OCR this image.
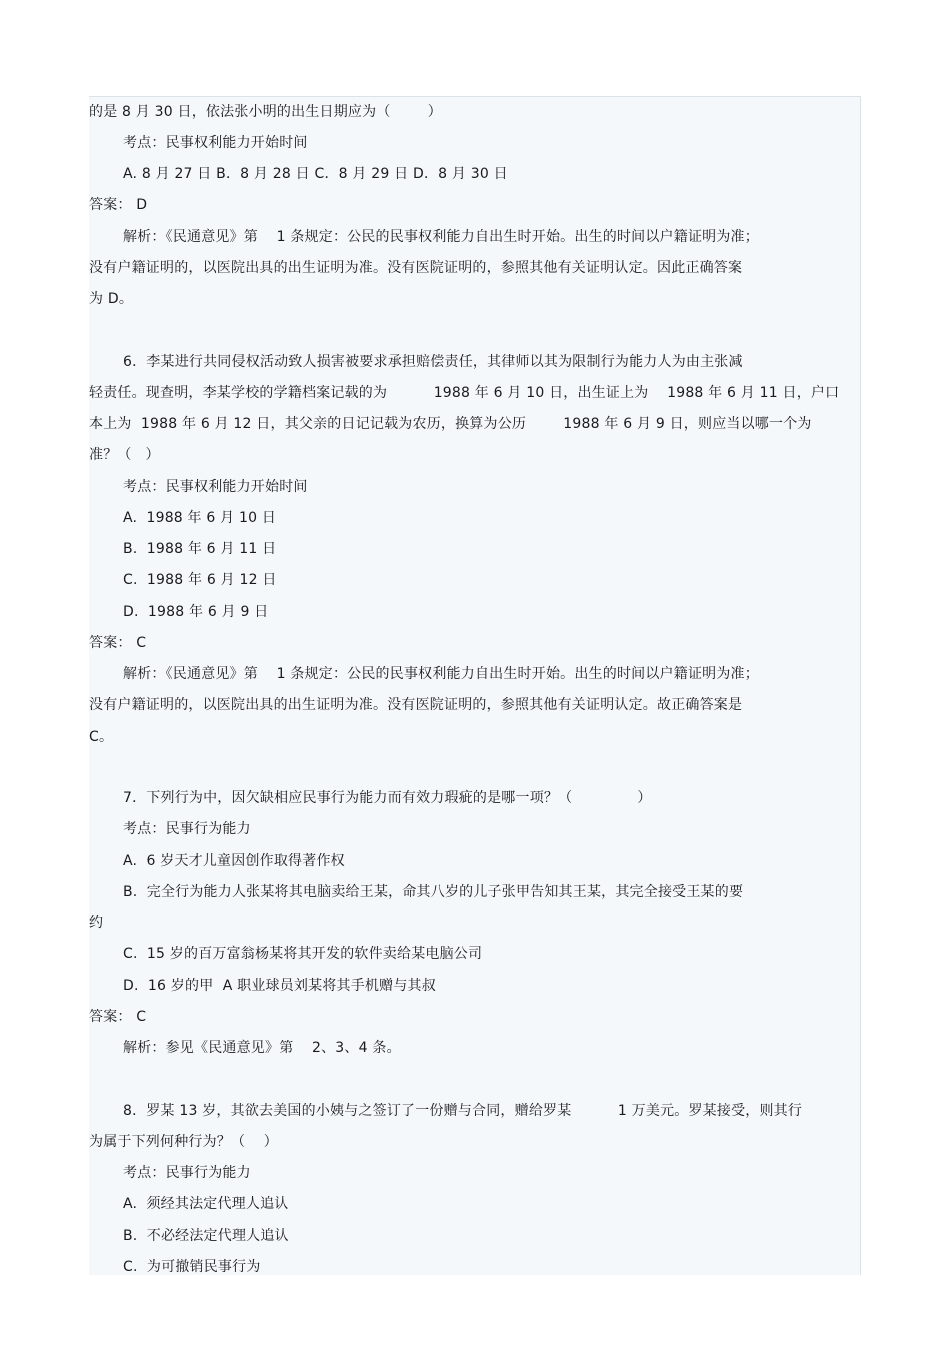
的是 8 月 30 日，依法张小明的出生日期应为（        ）
考点：民事权利能力开始时间
A. 8 月 27 日 B．8 月 28 日 C．8 月 29 日 D．8 月 30 日
答案： D
解析：《民通意见》第    1 条规定：公民的民事权利能力自出生时开始。出生的时间以户籍证明为准；
没有户籍证明的，以医院出具的出生证明为准。没有医院证明的，参照其他有关证明认定。因此正确答案
为 D。
6．李某进行共同侵权活动致人损害被要求承担赔偿责任，其律师以其为限制行为能力人为由主张减
轻责任。现查明，李某学校的学籍档案记载的为          1988 年 6 月 10 日，出生证上为    1988 年 6 月 11 日，户口
本上为  1988 年 6 月 12 日，其父亲的日记记载为农历，换算为公历        1988 年 6 月 9 日，则应当以哪一个为
准？（   ）
考点：民事权利能力开始时间
A.  1988 年 6 月 10 日
B.  1988 年 6 月 11 日
C.  1988 年 6 月 12 日
D.  1988 年 6 月 9 日
答案： C
解析：《民通意见》第    1 条规定：公民的民事权利能力自出生时开始。出生的时间以户籍证明为准；
没有户籍证明的，以医院出具的出生证明为准。没有医院证明的，参照其他有关证明认定。故正确答案是
C。
7．下列行为中，因欠缺相应民事行为能力而有效力瑕疵的是哪一项？（              ）
考点：民事行为能力
A.  6 岁天才儿童因创作取得著作权
B.  完全行为能力人张某将其电脑卖给王某，命其八岁的儿子张甲告知其王某，其完全接受王某的要
约
C.  15 岁的百万富翁杨某将其开发的软件卖给某电脑公司
D.  16 岁的甲  A 职业球员刘某将其手机赠与其叔
答案： C
解析：参见《民通意见》第    2、3、4 条。
8．罗某 13 岁，其欲去美国的小姨与之签订了一份赠与合同，赠给罗某          1 万美元。罗某接受，则其行
为属于下列何种行为？（    ）
考点：民事行为能力
A.  须经其法定代理人追认
B.  不必经法定代理人追认
C.  为可撤销民事行为
